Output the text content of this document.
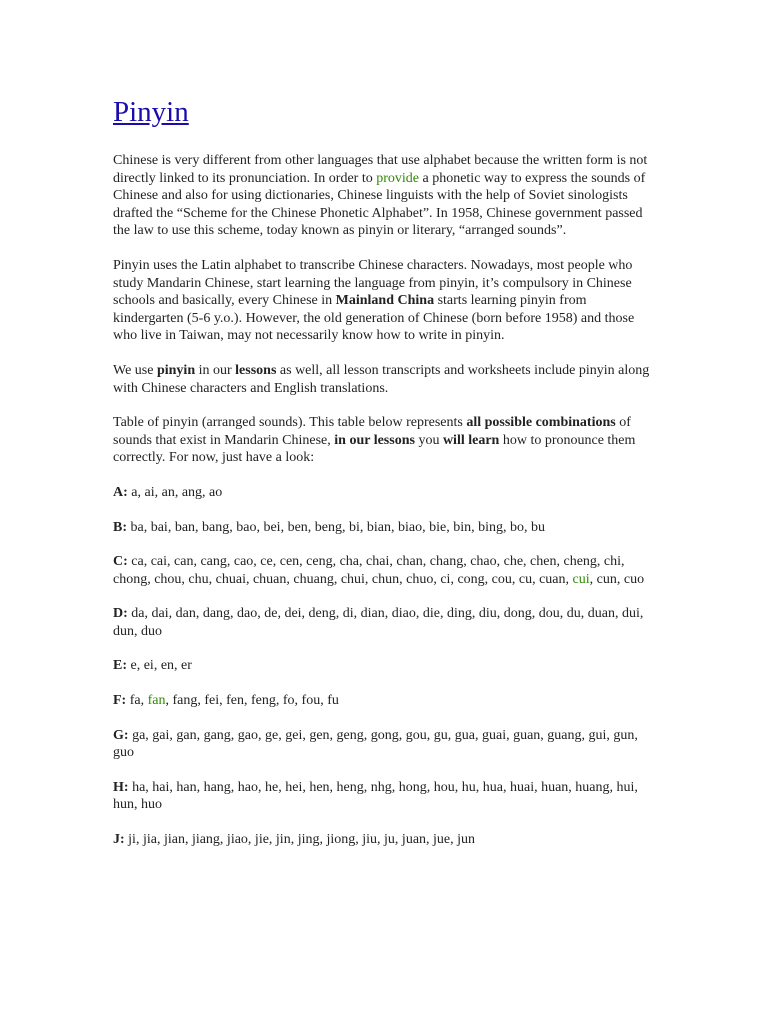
Pinyin

Chinese is very different from other languages that use alphabet because the written form is not directly linked to its pronunciation. In order to provide a phonetic way to express the sounds of Chinese and also for using dictionaries, Chinese linguists with the help of Soviet sinologists drafted the “Scheme for the Chinese Phonetic Alphabet”. In 1958, Chinese government passed the law to use this scheme, today known as pinyin or literary, “arranged sounds”.

Pinyin uses the Latin alphabet to transcribe Chinese characters. Nowadays, most people who study Mandarin Chinese, start learning the language from pinyin, it’s compulsory in Chinese schools and basically, every Chinese in Mainland China starts learning pinyin from kindergarten (5-6 y.o.). However, the old generation of Chinese (born before 1958) and those who live in Taiwan, may not necessarily know how to write in pinyin.

We use pinyin in our lessons as well, all lesson transcripts and worksheets include pinyin along with Chinese characters and English translations.

Table of pinyin (arranged sounds). This table below represents all possible combinations of sounds that exist in Mandarin Chinese, in our lessons you will learn how to pronounce them correctly. For now, just have a look:

A: a, ai, an, ang, ao

B: ba, bai, ban, bang, bao, bei, ben, beng, bi, bian, biao, bie, bin, bing, bo, bu

C: ca, cai, can, cang, cao, ce, cen, ceng, cha, chai, chan, chang, chao, che, chen, cheng, chi, chong, chou, chu, chuai, chuan, chuang, chui, chun, chuo, ci, cong, cou, cu, cuan, cui, cun, cuo

D: da, dai, dan, dang, dao, de, dei, deng, di, dian, diao, die, ding, diu, dong, dou, du, duan, dui, dun, duo

E: e, ei, en, er

F: fa, fan, fang, fei, fen, feng, fo, fou, fu

G: ga, gai, gan, gang, gao, ge, gei, gen, geng, gong, gou, gu, gua, guai, guan, guang, gui, gun, guo

H: ha, hai, han, hang, hao, he, hei, hen, heng, nhg, hong, hou, hu, hua, huai, huan, huang, hui, hun, huo

J: ji, jia, jian, jiang, jiao, jie, jin, jing, jiong, jiu, ju, juan, jue, jun
